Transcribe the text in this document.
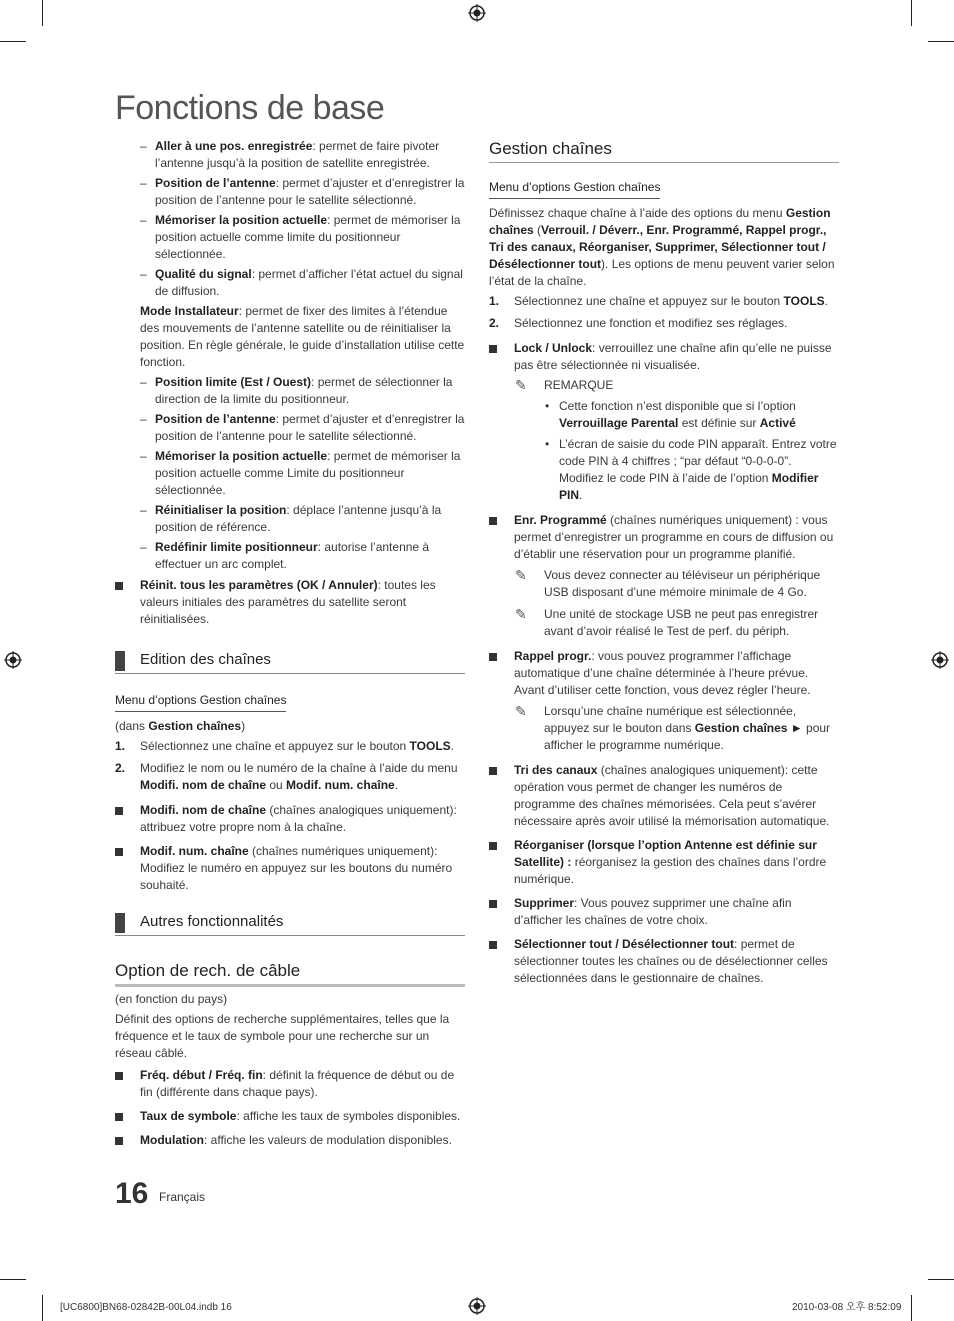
Fonctions de base
– Aller à une pos. enregistrée: permet de faire pivoter l’antenne jusqu’à la position de satellite enregistrée.
– Position de l’antenne: permet d’ajuster et d’enregistrer la position de l’antenne pour le satellite sélectionné.
– Mémoriser la position actuelle: permet de mémoriser la position actuelle comme limite du positionneur sélectionnée.
– Qualité du signal: permet d’afficher l’état actuel du signal de diffusion.

Mode Installateur: permet de fixer des limites à l’étendue des mouvements de l’antenne satellite ou de réinitialiser la position. En règle générale, le guide d’installation utilise cette fonction.

– Position limite (Est / Ouest): permet de sélectionner la direction de la limite du positionneur.
– Position de l’antenne: permet d’ajuster et d’enregistrer la position de l’antenne pour le satellite sélectionné.
– Mémoriser la position actuelle: permet de mémoriser la position actuelle comme Limite du positionneur sélectionnée.
– Réinitialiser la position: déplace l’antenne jusqu’à la position de référence.
– Redéfinir limite positionneur: autorise l’antenne à effectuer un arc complet.
Réinit. tous les paramètres (OK / Annuler): toutes les valeurs initiales des paramètres du satellite seront réinitialisées.
Edition des chaînes
Menu d’options Gestion chaînes

(dans Gestion chaînes)

1. Sélectionnez une chaîne et appuyez sur le bouton TOOLS.
2. Modifiez le nom ou le numéro de la chaîne à l’aide du menu Modifi. nom de chaîne ou Modif. num. chaîne.
Modifi. nom de chaîne (chaînes analogiques uniquement): attribuez votre propre nom à la chaîne.
Modif. num. chaîne (chaînes numériques uniquement): Modifiez le numéro en appuyez sur les boutons du numéro souhaité.
Autres fonctionnalités
Option de rech. de câble

(en fonction du pays)

Définit des options de recherche supplémentaires, telles que la fréquence et le taux de symbole pour une recherche sur un réseau câblé.

Fréq. début / Fréq. fin: définit la fréquence de début ou de fin (différente dans chaque pays).
Taux de symbole: affiche les taux de symboles disponibles.
Modulation: affiche les valeurs de modulation disponibles.
Gestion chaînes
Menu d’options Gestion chaînes

Définissez chaque chaîne à l’aide des options du menu Gestion chaînes (Verrouil. / Déverr., Enr. Programmé, Rappel progr., Tri des canaux, Réorganiser, Supprimer, Sélectionner tout / Désélectionner tout). Les options de menu peuvent varier selon l’état de la chaîne.

1. Sélectionnez une chaîne et appuyez sur le bouton TOOLS.
2. Sélectionnez une fonction et modifiez ses réglages.
Lock / Unlock: verrouillez une chaîne afin qu’elle ne puisse pas être sélectionnée ni visualisée.
✎ REMARQUE
• Cette fonction n’est disponible que si l’option Verrouillage Parental est définie sur Activé
• L’écran de saisie du code PIN apparaît. Entrez votre code PIN à 4 chiffres ; “par défaut “0-0-0-0”. Modifiez le code PIN à l’aide de l’option Modifier PIN.
Enr. Programmé (chaînes numériques uniquement) : vous permet d’enregistrer un programme en cours de diffusion ou d’établir une réservation pour un programme planifié.
✎ Vous devez connecter au téléviseur un périphérique USB disposant d’une mémoire minimale de 4 Go.
✎ Une unité de stockage USB ne peut pas enregistrer avant d’avoir réalisé le Test de perf. du périph.
Rappel progr.: vous pouvez programmer l’affichage automatique d’une chaîne déterminée à l’heure prévue. Avant d’utiliser cette fonction, vous devez régler l’heure.
✎ Lorsqu’une chaîne numérique est sélectionnée, appuyez sur le bouton dans Gestion chaînes ► pour afficher le programme numérique.
Tri des canaux (chaînes analogiques uniquement): cette opération vous permet de changer les numéros de programme des chaînes mémorisées. Cela peut s’avérer nécessaire après avoir utilisé la mémorisation automatique.
Réorganiser (lorsque l’option Antenne est définie sur Satellite) : réorganisez la gestion des chaînes dans l’ordre numérique.
Supprimer: Vous pouvez supprimer une chaîne afin d’afficher les chaînes de votre choix.
Sélectionner tout / Désélectionner tout: permet de sélectionner toutes les chaînes ou de désélectionner celles sélectionnées dans le gestionnaire de chaînes.
16 Français
[UC6800]BN68-02842B-00L04.indb 16	2010-03-08 오후 8:52:09
